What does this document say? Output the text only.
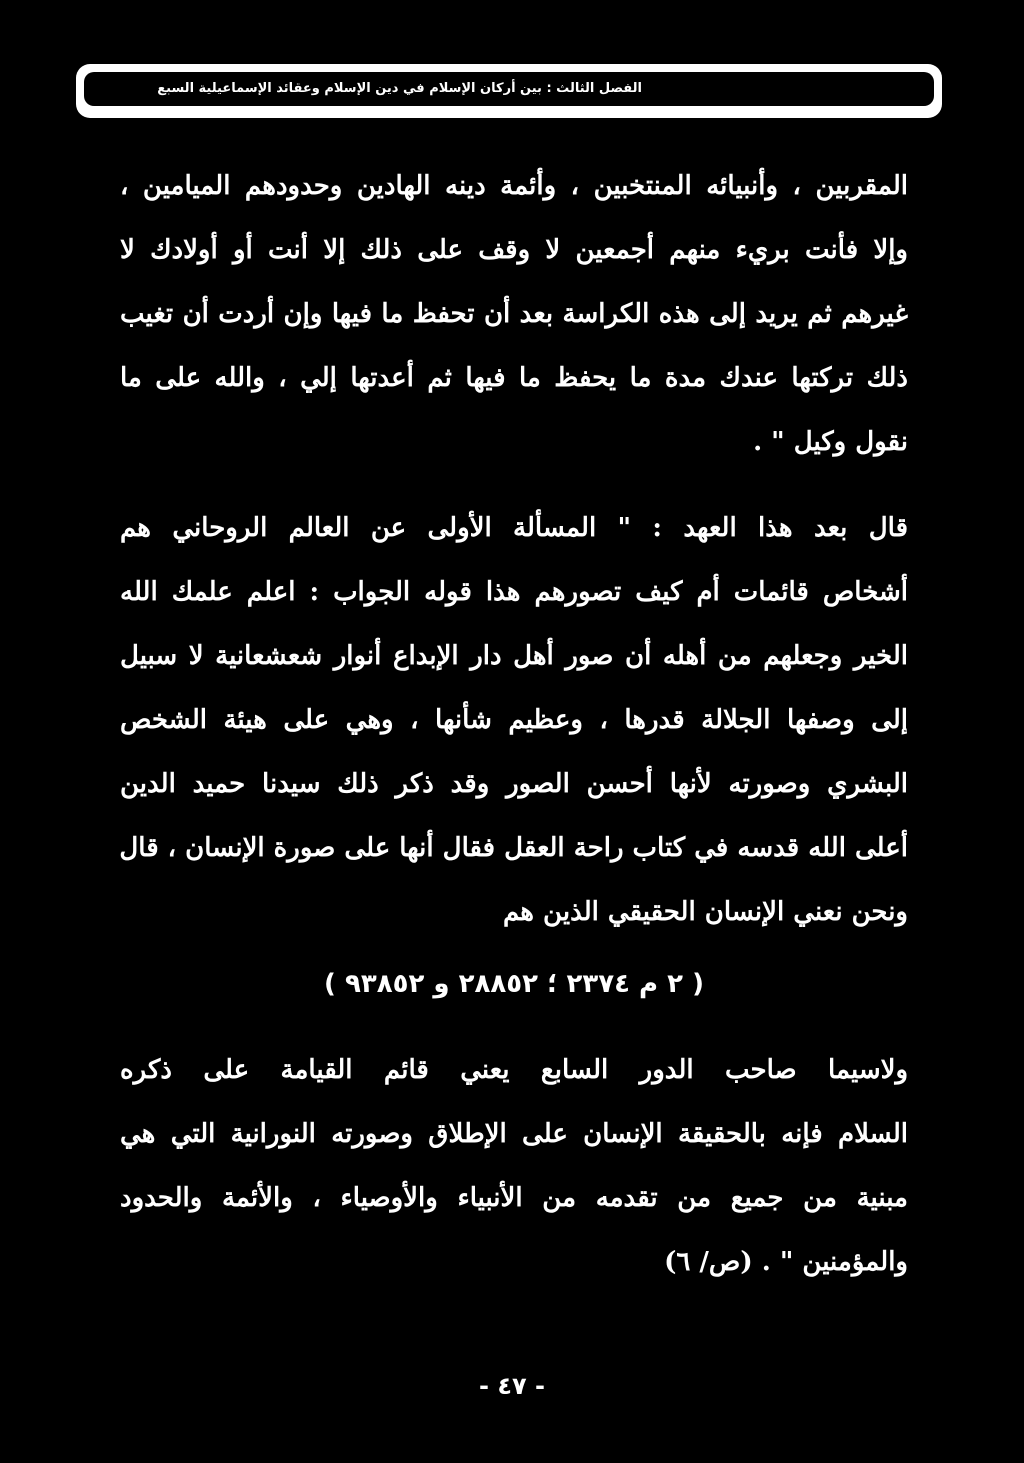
الفصل الثالث : بين أركان الإسلام في دين الإسلام وعقائد الإسماعيلية السبع
المقربين ، وأنبيائه المنتخبين ، وأئمة دينه الهادين وحدودهم الميامين ،
وإلا فأنت بريء منهم أجمعين لا وقف على ذلك إلا أنت أو أولادك لا
غيرهم ثم يريد إلى هذه الكراسة بعد أن تحفظ ما فيها وإن أردت أن تغيب
ذلك تركتها عندك مدة ما يحفظ ما فيها ثم أعدتها إلي ، والله على ما
نقول وكيل " .
قال بعد هذا العهد : " المسألة الأولى عن العالم الروحاني هم
أشخاص قائمات أم كيف تصورهم هذا قوله الجواب : اعلم علمك الله
الخير وجعلهم من أهله أن صور أهل دار الإبداع أنوار شعشعانية لا سبيل
إلى وصفها الجلالة قدرها ، وعظيم شأنها ، وهي على هيئة الشخص
البشري وصورته لأنها أحسن الصور وقد ذكر ذلك سيدنا حميد الدين
أعلى الله قدسه في كتاب راحة العقل فقال أنها على صورة الإنسان ، قال
ونحن نعني الإنسان الحقيقي الذين هم
( ٢ م ٢٣٧٤ ؛ ٢٨٨٥٢ و ٩٣٨٥٢ )
ولاسيما صاحب الدور السابع يعني قائم القيامة على ذكره
السلام فإنه بالحقيقة الإنسان على الإطلاق وصورته النورانية التي هي
مبنية من جميع من تقدمه من الأنبياء والأوصياء ، والأئمة والحدود
والمؤمنين " . (ص/ ٦)
- ٤٧ -
